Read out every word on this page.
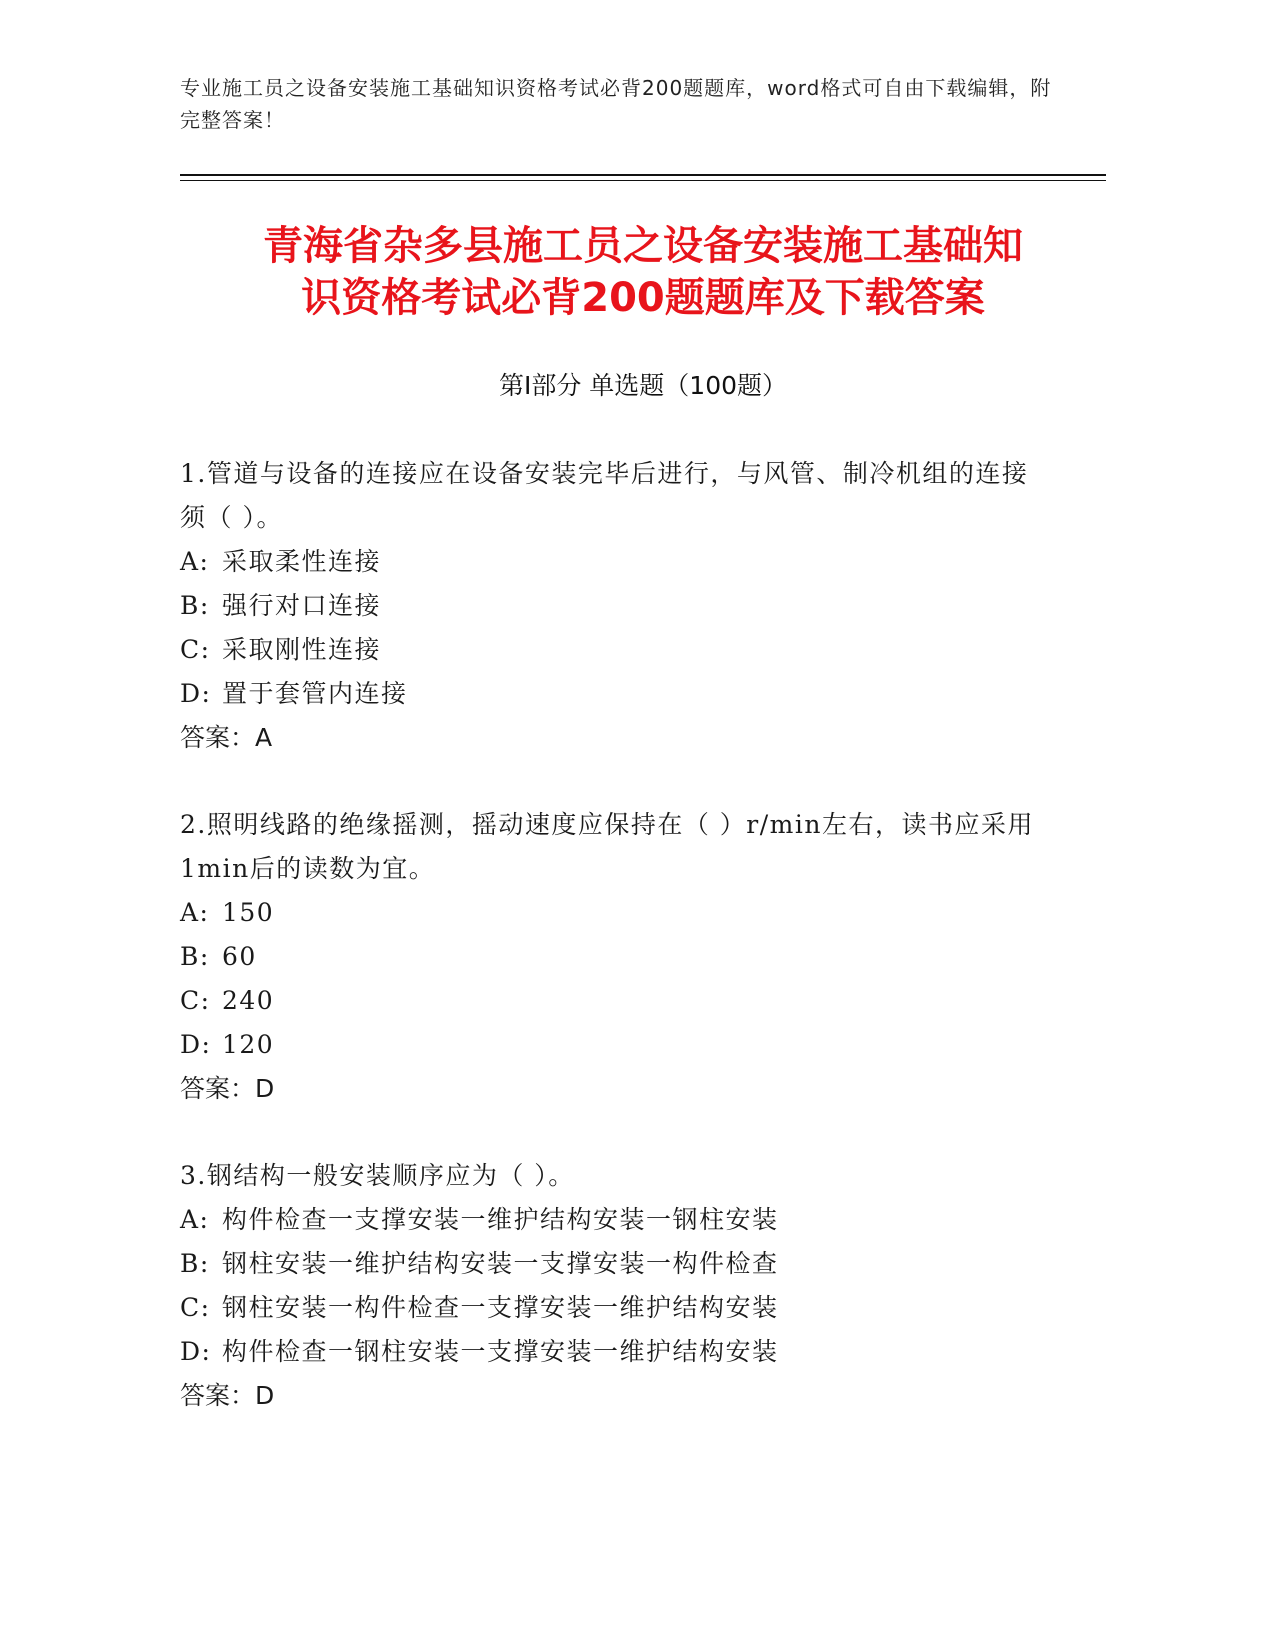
专业施工员之设备安装施工基础知识资格考试必背200题题库，word格式可自由下载编辑，附完整答案！
青海省杂多县施工员之设备安装施工基础知
识资格考试必背200题题库及下载答案
第Ⅰ部分 单选题（100题）

1.管道与设备的连接应在设备安装完毕后进行，与风管、制冷机组的连接须（ ）。

A: 采取柔性连接

B: 强行对口连接

C: 采取刚性连接

D: 置于套管内连接

答案：A

2.照明线路的绝缘摇测，摇动速度应保持在（ ）r/min左右，读书应采用1min后的读数为宜。

A: 150

B: 60

C: 240

D: 120

答案：D

3.钢结构一般安装顺序应为（ ）。

A: 构件检查一支撑安装一维护结构安装一钢柱安装

B: 钢柱安装一维护结构安装一支撑安装一构件检查

C: 钢柱安装一构件检查一支撑安装一维护结构安装

D: 构件检查一钢柱安装一支撑安装一维护结构安装

答案：D
